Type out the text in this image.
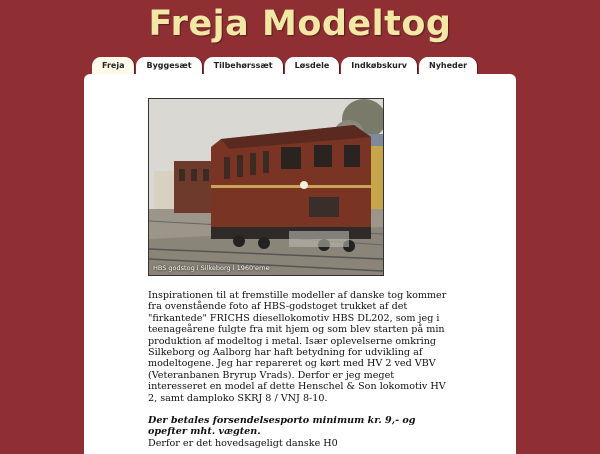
Freja Modeltog
Freja	Byggesæt	Tilbehørssæt	Løsdele	Indkøbskurv	Nyheder
HBS godstog i Silkeborg i 1960'erne

Inspirationen til at fremstille modeller af danske tog kommer fra ovenstående foto af HBS-godstoget trukket af det "firkantede" FRICHS diesellokomotiv HBS DL202, som jeg i teenageårene fulgte fra mit hjem og som blev starten på min produktion af modeltog i metal. Især oplevelserne omkring Silkeborg og Aalborg har haft betydning for udvikling af modeltogene. Jeg har repareret og kørt med HV 2 ved VBV (Veteranbanen Bryrup Vrads). Derfor er jeg meget interesseret en model af dette Henschel & Son lokomotiv HV 2, samt damploko SKRJ 8 / VNJ 8-10.

Der betales forsendelsesporto minimum kr. 9,- og opefter mht. vægten.

Derfor er det hovedsageligt danske H0
